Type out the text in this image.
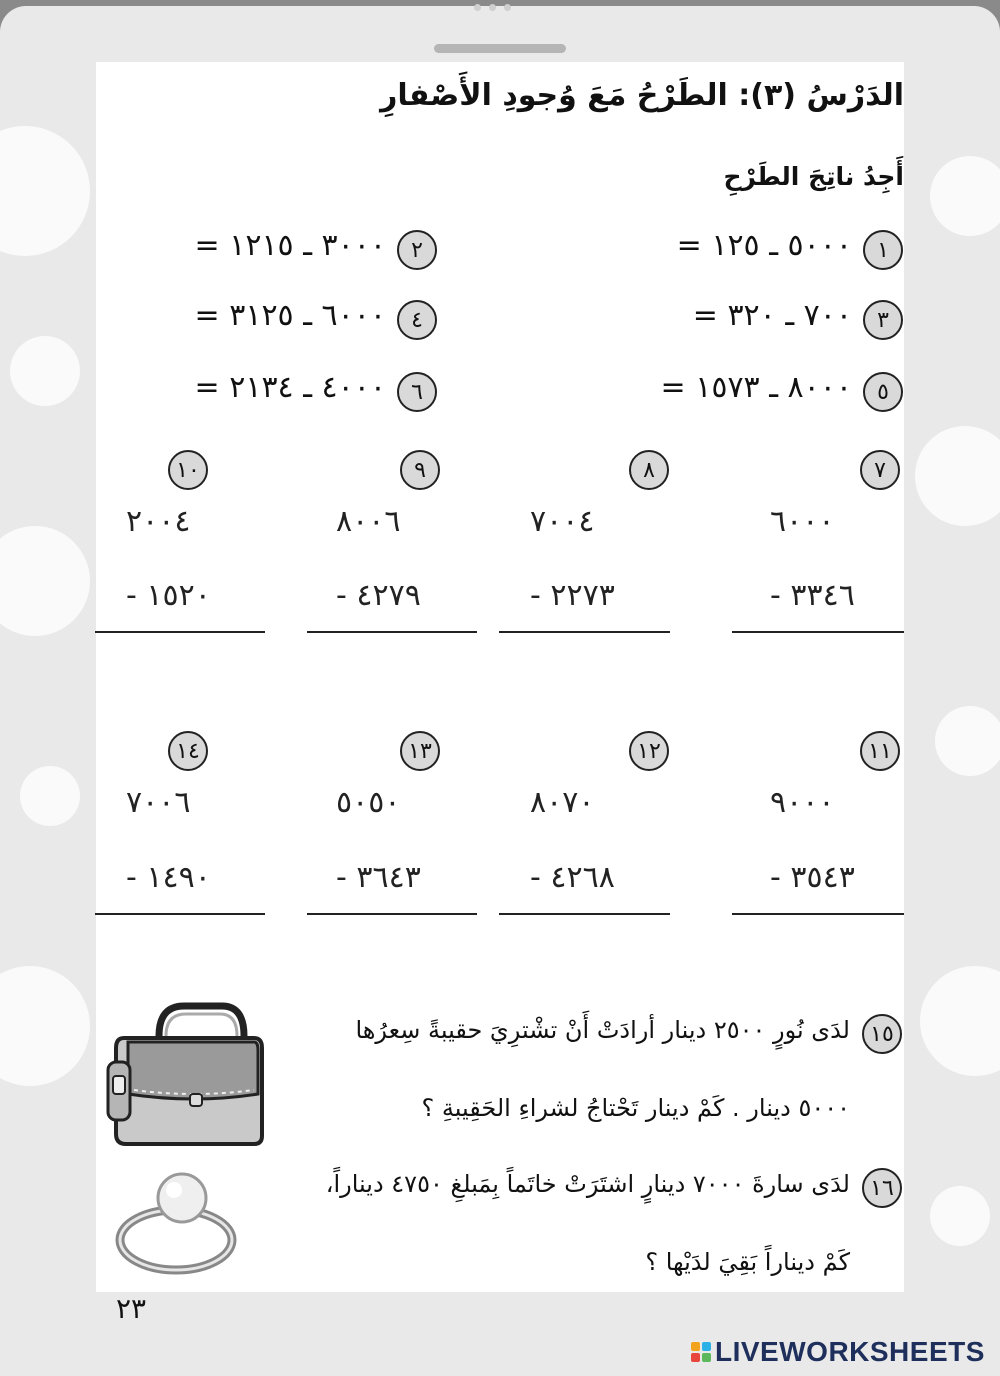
الدَرْسُ (٣): الطَرْحُ مَعَ وُجودِ الأَصْفارِ
أَجِدُ ناتِجَ الطَرْحِ
١
٥٠٠٠ ـ ١٢٥ =
٣
٧٠٠ ـ ٣٢٠ =
٥
٨٠٠٠ ـ ١٥٧٣ =
٢
٣٠٠٠ ـ ١٢١٥ =
٤
٦٠٠٠ ـ ٣١٢٥ =
٦
٤٠٠٠ ـ ٢١٣٤ =
٧
٦٠٠٠
٣٣٤٦ -
٨
٧٠٠٤
٢٢٧٣ -
٩
٨٠٠٦
٤٢٧٩ -
١٠
٢٠٠٤
١٥٢٠ -
١١
٩٠٠٠
٣٥٤٣ -
١٢
٨٠٧٠
٤٢٦٨ -
١٣
٥٠٥٠
٣٦٤٣ -
١٤
٧٠٠٦
١٤٩٠ -
١٥
لدَى نُورٍ ٢٥٠٠ دينار أرادَتْ أَنْ تشْترِيَ حقيبةً سِعرُها
٥٠٠٠ دينار . كَمْ دينار تَحْتاجُ لشراءِ الحَقِيبةِ ؟
١٦
لدَى سارةَ ٧٠٠٠ دينارٍ اشتَرَتْ خاتَماً بِمَبلغِ ٤٧٥٠ ديناراً،
كَمْ ديناراً بَقِيَ لدَيْها ؟
٢٣
LIVEWORKSHEETS
